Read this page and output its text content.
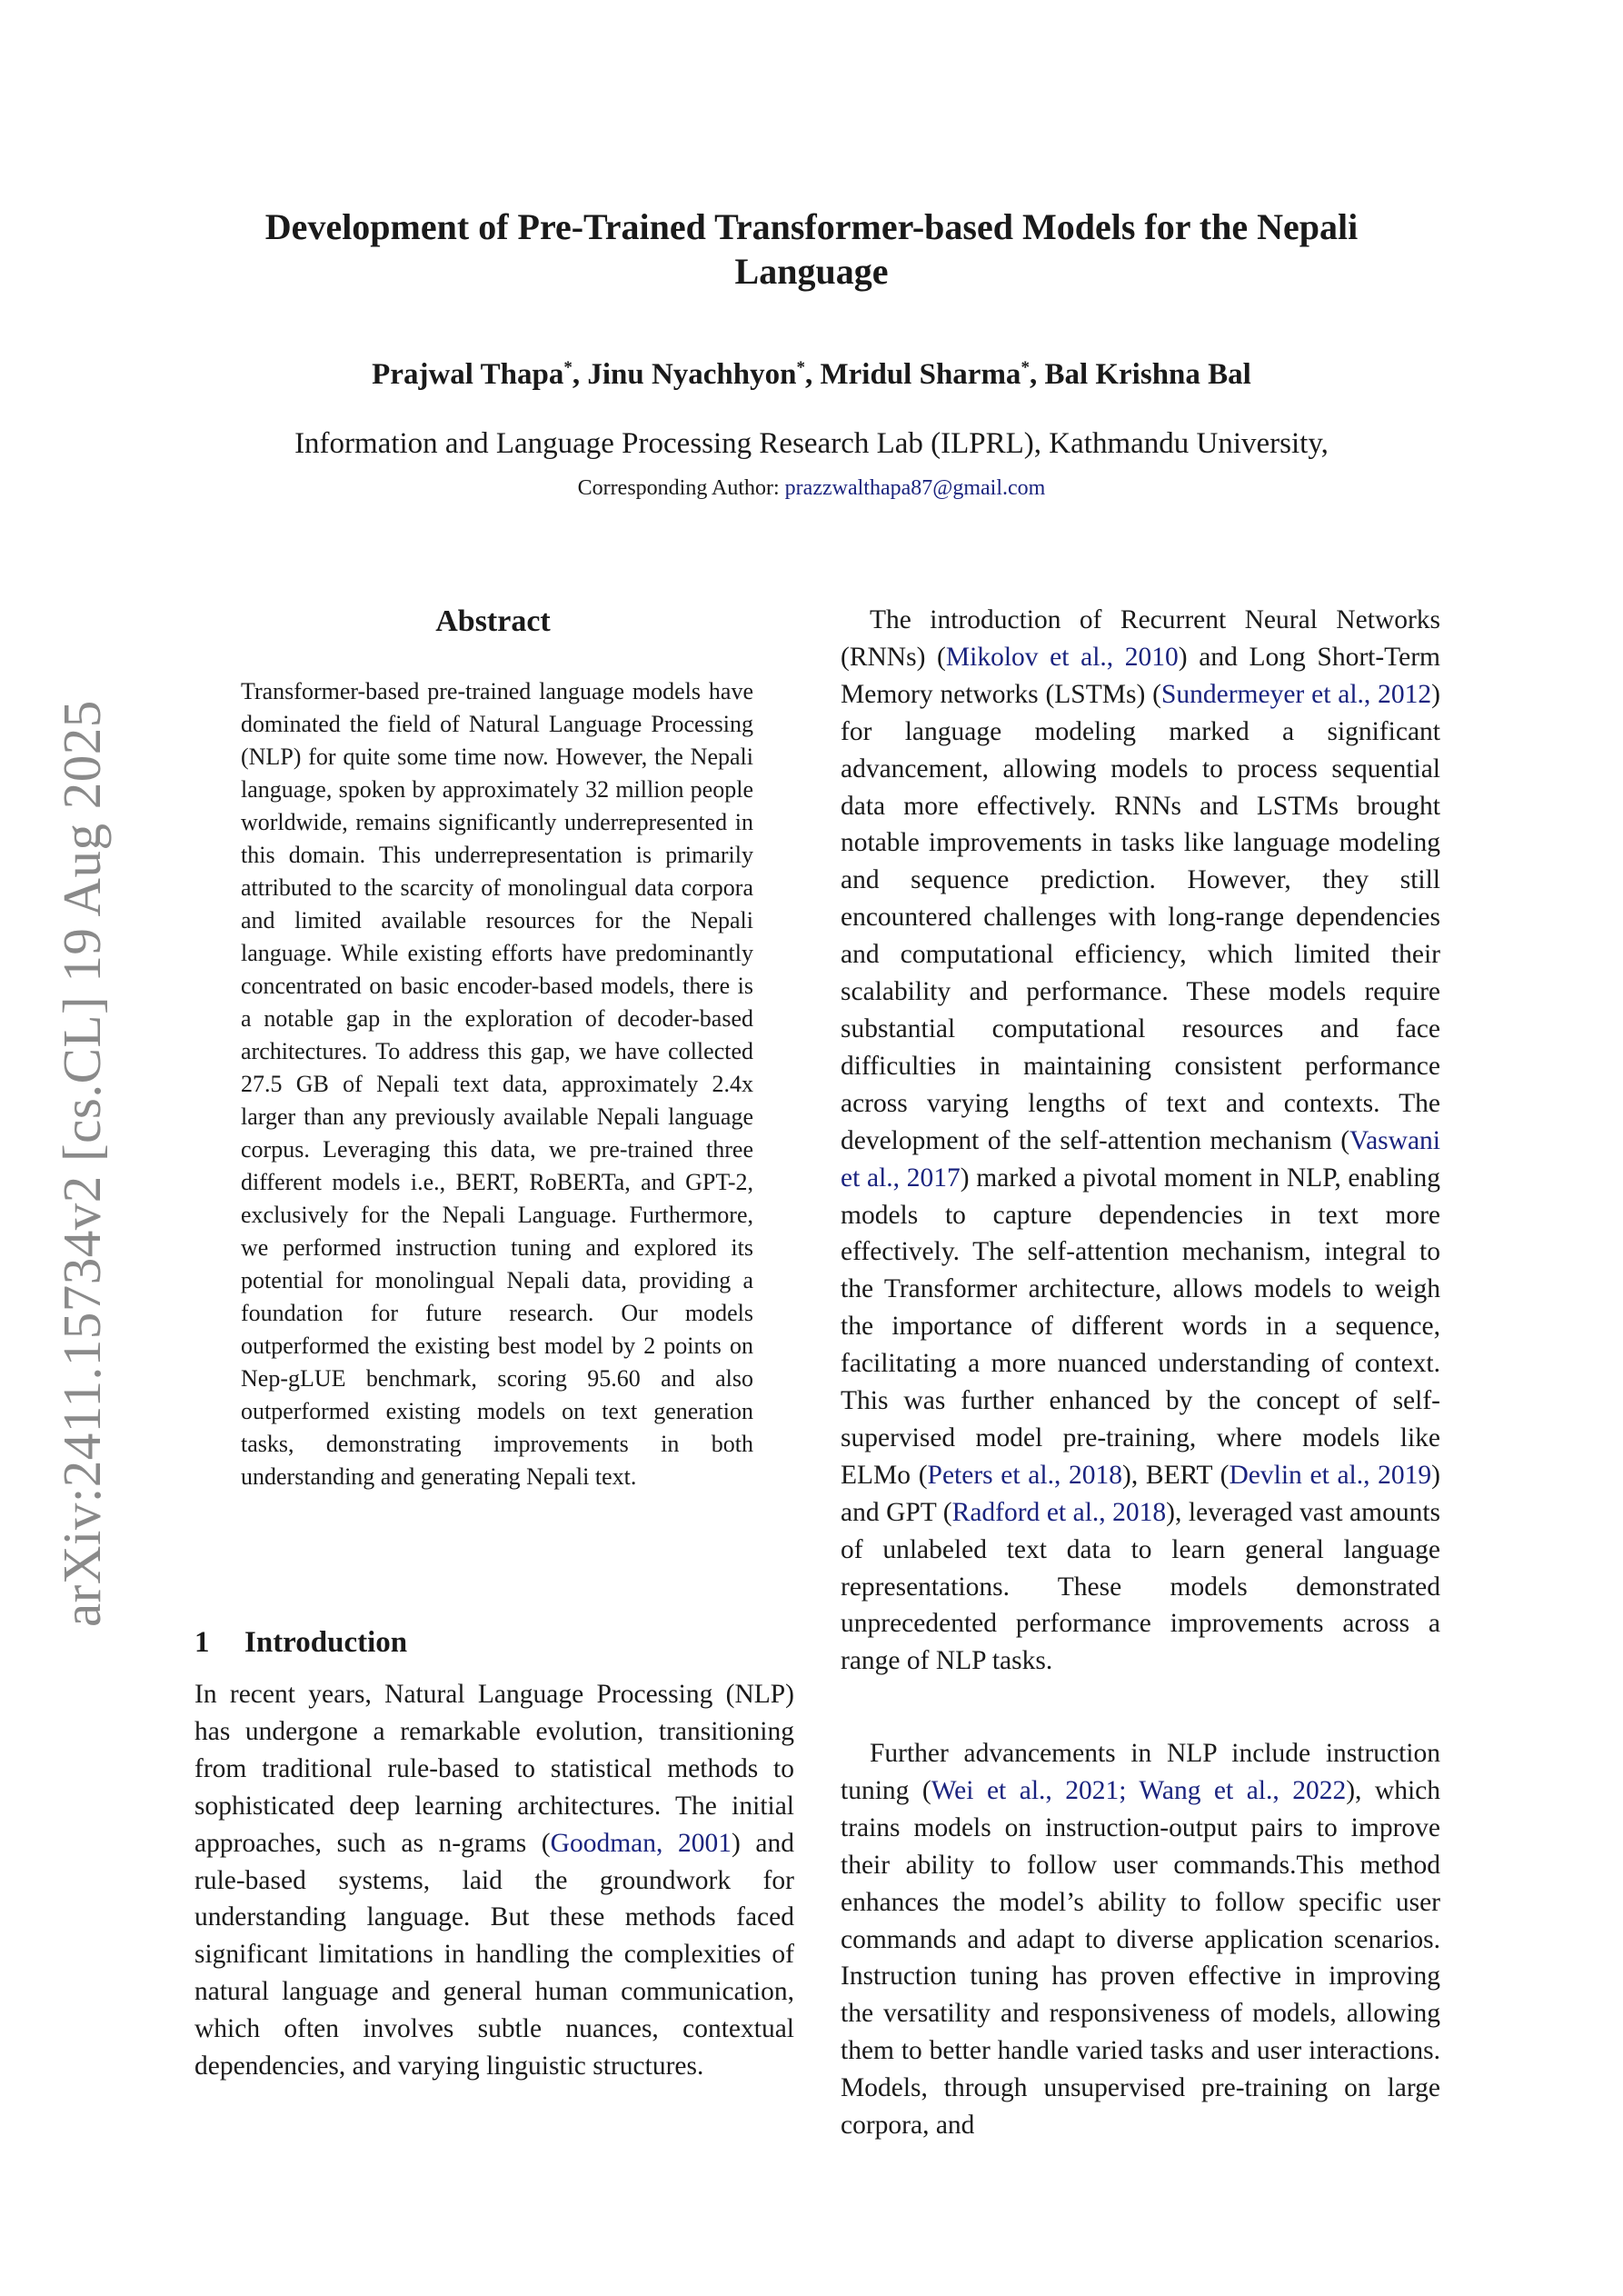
arXiv:2411.15734v2 [cs.CL] 19 Aug 2025
Development of Pre-Trained Transformer-based Models for the Nepali Language
Prajwal Thapa*, Jinu Nyachhyon*, Mridul Sharma*, Bal Krishna Bal
Information and Language Processing Research Lab (ILPRL), Kathmandu University,
Corresponding Author: prazzwalthapa87@gmail.com
Abstract

Transformer-based pre-trained language models have dominated the field of Natural Language Processing (NLP) for quite some time now. However, the Nepali language, spoken by approximately 32 million people worldwide, remains significantly underrepresented in this domain. This underrepresentation is primarily attributed to the scarcity of monolingual data corpora and limited available resources for the Nepali language. While existing efforts have predominantly concentrated on basic encoder-based models, there is a notable gap in the exploration of decoder-based architectures. To address this gap, we have collected 27.5 GB of Nepali text data, approximately 2.4x larger than any previously available Nepali language corpus. Leveraging this data, we pre-trained three different models i.e., BERT, RoBERTa, and GPT-2, exclusively for the Nepali Language. Furthermore, we performed instruction tuning and explored its potential for monolingual Nepali data, providing a foundation for future research. Our models outperformed the existing best model by 2 points on Nep-gLUE benchmark, scoring 95.60 and also outperformed existing models on text generation tasks, demonstrating improvements in both understanding and generating Nepali text.

1 Introduction

In recent years, Natural Language Processing (NLP) has undergone a remarkable evolution, transitioning from traditional rule-based to statistical methods to sophisticated deep learning architectures. The initial approaches, such as n-grams (Goodman, 2001) and rule-based systems, laid the groundwork for understanding language. But these methods faced significant limitations in handling the complexities of natural language and general human communication, which often involves subtle nuances, contextual dependencies, and varying linguistic structures.

The introduction of Recurrent Neural Networks (RNNs) (Mikolov et al., 2010) and Long Short-Term Memory networks (LSTMs) (Sundermeyer et al., 2012) for language modeling marked a significant advancement, allowing models to process sequential data more effectively. RNNs and LSTMs brought notable improvements in tasks like language modeling and sequence prediction. However, they still encountered challenges with long-range dependencies and computational efficiency, which limited their scalability and performance. These models require substantial computational resources and face difficulties in maintaining consistent performance across varying lengths of text and contexts. The development of the self-attention mechanism (Vaswani et al., 2017) marked a pivotal moment in NLP, enabling models to capture dependencies in text more effectively. The self-attention mechanism, integral to the Transformer architecture, allows models to weigh the importance of different words in a sequence, facilitating a more nuanced understanding of context. This was further enhanced by the concept of self-supervised model pre-training, where models like ELMo (Peters et al., 2018), BERT (Devlin et al., 2019) and GPT (Radford et al., 2018), leveraged vast amounts of unlabeled text data to learn general language representations. These models demonstrated unprecedented performance improvements across a range of NLP tasks.

Further advancements in NLP include instruction tuning (Wei et al., 2021; Wang et al., 2022), which trains models on instruction-output pairs to improve their ability to follow user commands.This method enhances the model’s ability to follow specific user commands and adapt to diverse application scenarios. Instruction tuning has proven effective in improving the versatility and responsiveness of models, allowing them to better handle varied tasks and user interactions. Models, through unsupervised pre-training on large corpora, and
